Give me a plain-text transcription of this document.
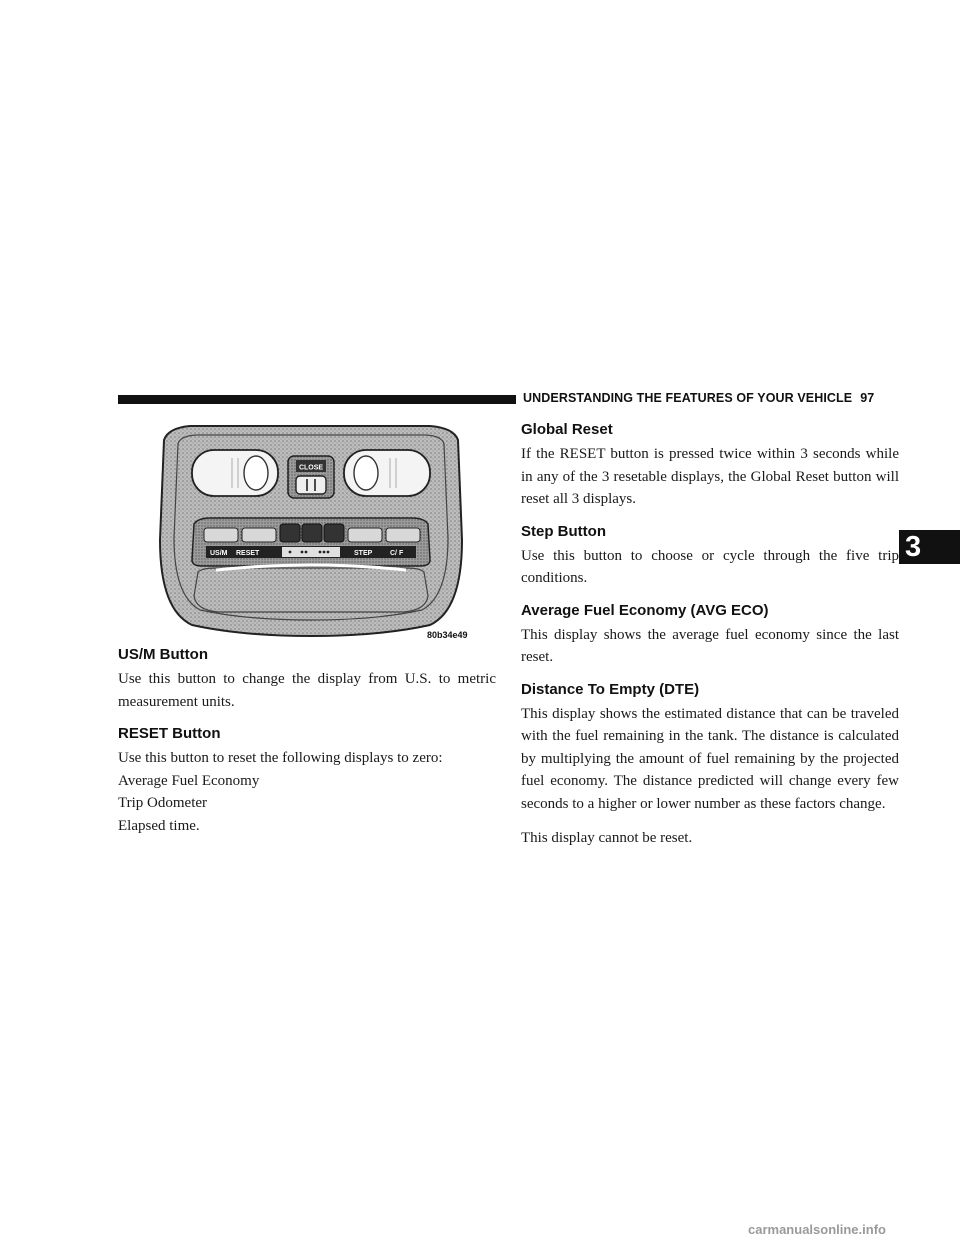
UNDERSTANDING THE FEATURES OF YOUR VEHICLE 97
3
CLOSE
US/M RESET	STEP	C/ F
80b34e49
US/M Button

Use this button to change the display from U.S. to metric measurement units.

RESET Button

Use this button to reset the following displays to zero:

Average Fuel Economy

Trip Odometer

Elapsed time.

Global Reset

If the RESET button is pressed twice within 3 seconds while in any of the 3 resetable displays, the Global Reset button will reset all 3 displays.

Step Button

Use this button to choose or cycle through the five trip conditions.

Average Fuel Economy (AVG ECO)

This display shows the average fuel economy since the last reset.

Distance To Empty (DTE)

This display shows the estimated distance that can be traveled with the fuel remaining in the tank. The distance is calculated by multiplying the amount of fuel remaining by the projected fuel economy. The distance predicted will change every few seconds to a higher or lower number as these factors change.

This display cannot be reset.

carmanualsonline.info
